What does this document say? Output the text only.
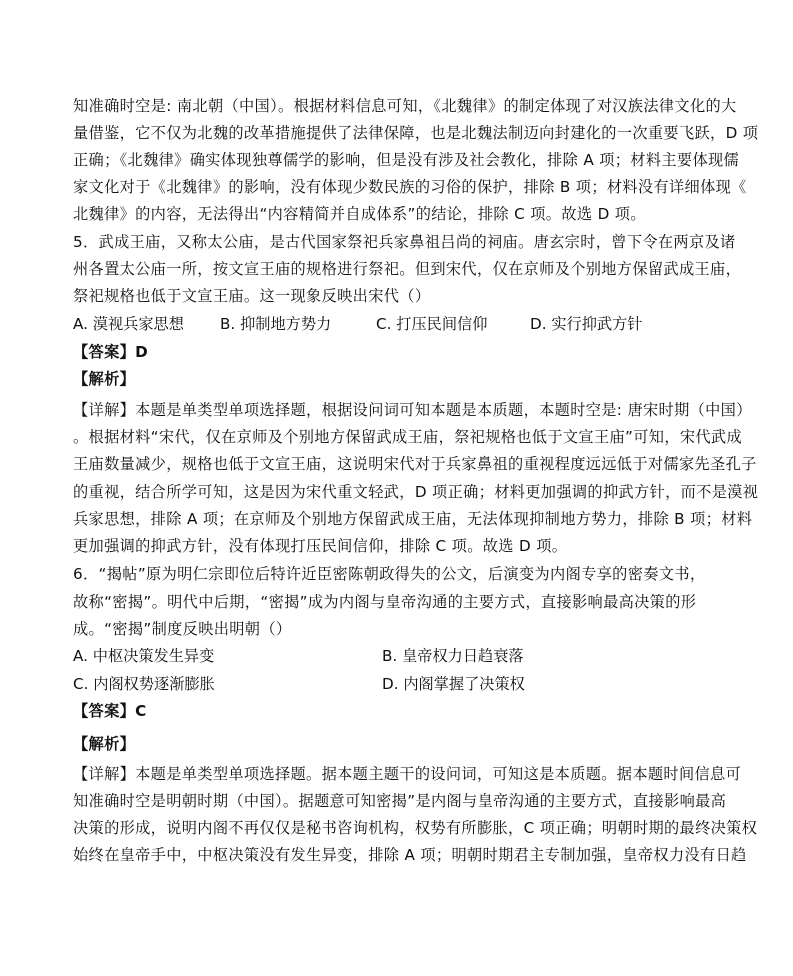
知准确时空是: 南北朝（中国）。根据材料信息可知，《北魏律》的制定体现了对汉族法律文化的大
量借鉴，它不仅为北魏的改革措施提供了法律保障，也是北魏法制迈向封建化的一次重要飞跃，D 项
正确；《北魏律》确实体现独尊儒学的影响，但是没有涉及社会教化，排除 A 项；材料主要体现儒
家文化对于《北魏律》的影响，没有体现少数民族的习俗的保护，排除 B 项；材料没有详细体现《
北魏律》的内容，无法得出“内容精简并自成体系”的结论，排除 C 项。故选 D 项。
5．武成王庙，又称太公庙，是古代国家祭祀兵家鼻祖吕尚的祠庙。唐玄宗时，曾下令在两京及诸
州各置太公庙一所，按文宣王庙的规格进行祭祀。但到宋代，仅在京师及个别地方保留武成王庙，
祭祀规格也低于文宣王庙。这一现象反映出宋代（）
A. 漠视兵家思想 B. 抑制地方势力	C. 打压民间信仰	D. 实行抑武方针
【答案】D
【解析】
【详解】本题是单类型单项选择题，根据设问词可知本题是本质题，本题时空是: 唐宋时期（中国）
。根据材料“宋代，仅在京师及个别地方保留武成王庙，祭祀规格也低于文宣王庙”可知，宋代武成
王庙数量减少，规格也低于文宣王庙，这说明宋代对于兵家鼻祖的重视程度远远低于对儒家先圣孔子
的重视，结合所学可知，这是因为宋代重文轻武，D 项正确；材料更加强调的抑武方针，而不是漠视
兵家思想，排除 A 项；在京师及个别地方保留武成王庙，无法体现抑制地方势力，排除 B 项；材料
更加强调的抑武方针，没有体现打压民间信仰，排除 C 项。故选 D 项。
6．“揭帖”原为明仁宗即位后特许近臣密陈朝政得失的公文，后演变为内阁专享的密奏文书，
故称“密揭”。明代中后期，“密揭”成为内阁与皇帝沟通的主要方式，直接影响最高决策的形
成。“密揭”制度反映出明朝（）
A. 中枢决策发生异变	B. 皇帝权力日趋衰落
C. 内阁权势逐渐膨胀	D. 内阁掌握了决策权
【答案】C
【解析】
【详解】本题是单类型单项选择题。据本题主题干的设问词，可知这是本质题。据本题时间信息可
知准确时空是明朝时期（中国）。据题意可知密揭”是内阁与皇帝沟通的主要方式，直接影响最高
决策的形成，说明内阁不再仅仅是秘书咨询机构，权势有所膨胀，C 项正确；明朝时期的最终决策权
始终在皇帝手中，中枢决策没有发生异变，排除 A 项；明朝时期君主专制加强，皇帝权力没有日趋
